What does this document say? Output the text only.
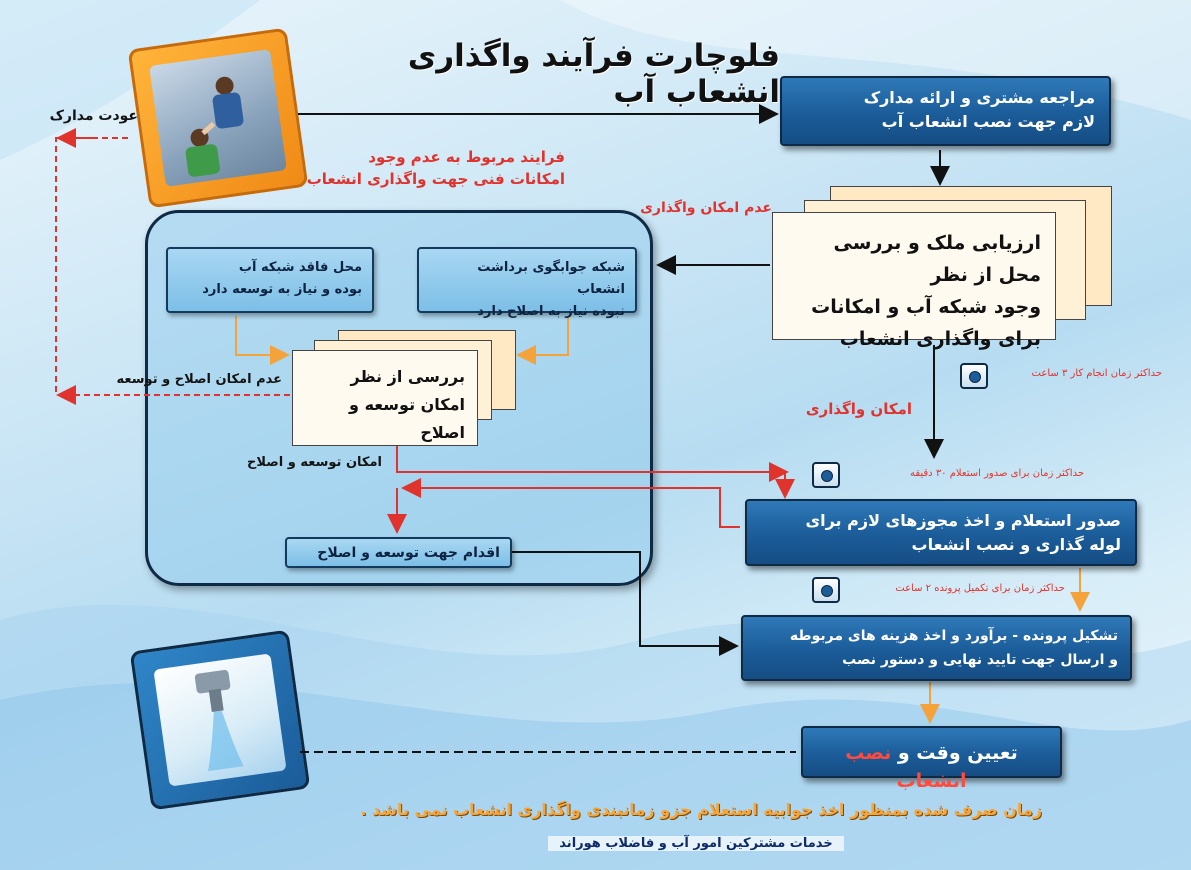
فلوچارت فرآیند واگذاری انشعاب آب	مراجعه مشتری و ارائه مدارک
لازم جهت نصب انشعاب آب
ارزیابی ملک و بررسی محل از نظر
وجود شبکه آب و امکانات
برای واگذاری انشعاب
صدور استعلام و اخذ مجوزهای لازم برای
لوله گذاری و نصب انشعاب
تشکیل پرونده - برآورد و اخذ هزینه های مربوطه
و ارسال جهت تایید نهایی و دستور نصب
تعیین وقت و نصب انشعاب
شبکه جوابگوی برداشت انشعاب
نبوده نیاز به اصلاح دارد
محل فاقد شبکه آب
بوده و نیاز به توسعه دارد
بررسی از نظر
امکان توسعه و اصلاح
اقدام جهت توسعه و اصلاح
عودت مدارک
فرایند مربوط به عدم وجود
امکانات فنی جهت واگذاری انشعاب
عدم امکان واگذاری
امکان واگذاری
عدم امکان اصلاح و توسعه
امکان توسعه و اصلاح
حداکثر زمان انجام کار ۳ ساعت
حداکثر زمان برای صدور استعلام ۳۰ دقیقه
حداکثر زمان برای تکمیل پرونده ۲ ساعت
زمان صرف شده بمنظور اخذ جوابیه استعلام جزو زمانبندی واگذاری انشعاب نمی باشد .
خدمات مشترکین امور آب و فاضلاب هوراند
